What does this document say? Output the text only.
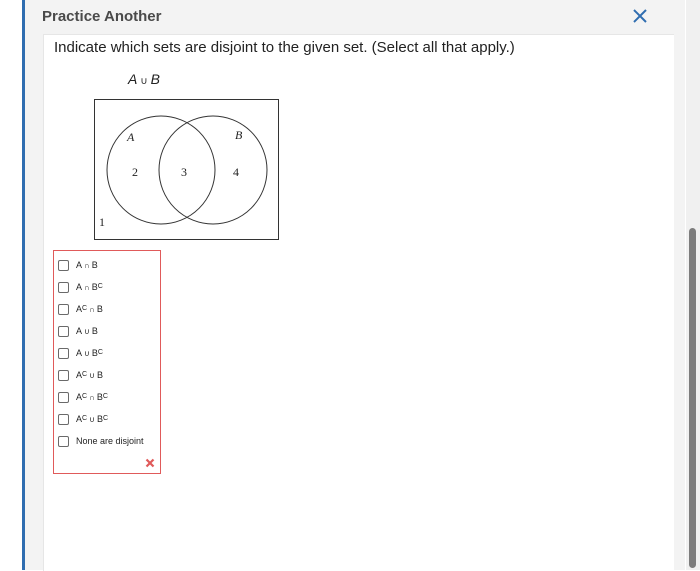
Practice Another
Indicate which sets are disjoint to the given set. (Select all that apply.)
A ∪ B
A	B
2	3	4
1
A ∩ B
A ∩ B C
A C ∩ B
A ∪ B
A ∪ B C
A C ∪ B
A C ∩ B C
A C ∪ B C
None are disjoint
